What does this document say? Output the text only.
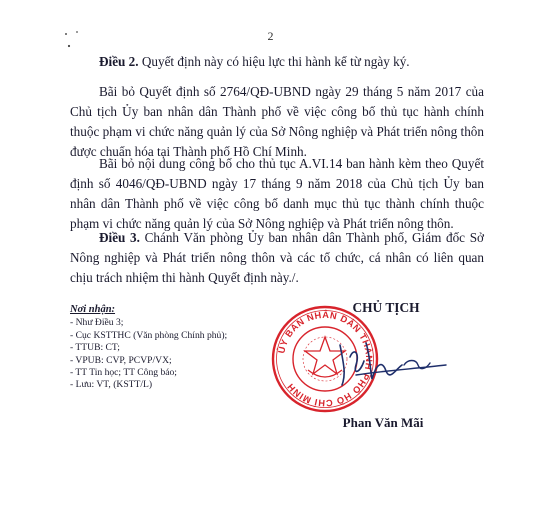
2

Điều 2. Quyết định này có hiệu lực thi hành kể từ ngày ký.

Bãi bỏ Quyết định số 2764/QĐ-UBND ngày 29 tháng 5 năm 2017 của Chủ tịch Ủy ban nhân dân Thành phố về việc công bố thủ tục hành chính thuộc phạm vi chức năng quản lý của Sở Nông nghiệp và Phát triển nông thôn được chuẩn hóa tại Thành phố Hồ Chí Minh.

Bãi bỏ nội dung công bố cho thủ tục A.VI.14 ban hành kèm theo Quyết định số 4046/QĐ-UBND ngày 17 tháng 9 năm 2018 của Chủ tịch Ủy ban nhân dân Thành phố về việc công bố danh mục thủ tục thành chính thuộc phạm vi chức năng quản lý của Sở Nông nghiệp và Phát triển nông thôn.

Điều 3. Chánh Văn phòng Ủy ban nhân dân Thành phố, Giám đốc Sở Nông nghiệp và Phát triển nông thôn và các tổ chức, cá nhân có liên quan chịu trách nhiệm thi hành Quyết định này./.

Nơi nhận:
- Như Điều 3;
- Cục KSTTHC (Văn phòng Chính phủ);
- TTUB: CT;
- VPUB: CVP, PCVP/VX;
- TT Tin học; TT Công báo;
- Lưu: VT, (KSTT/L)
ỦY BAN NHÂN DÂN THÀNH PHỐ HỒ CHÍ MINH
CHỦ TỊCH
Phan Văn Mãi
